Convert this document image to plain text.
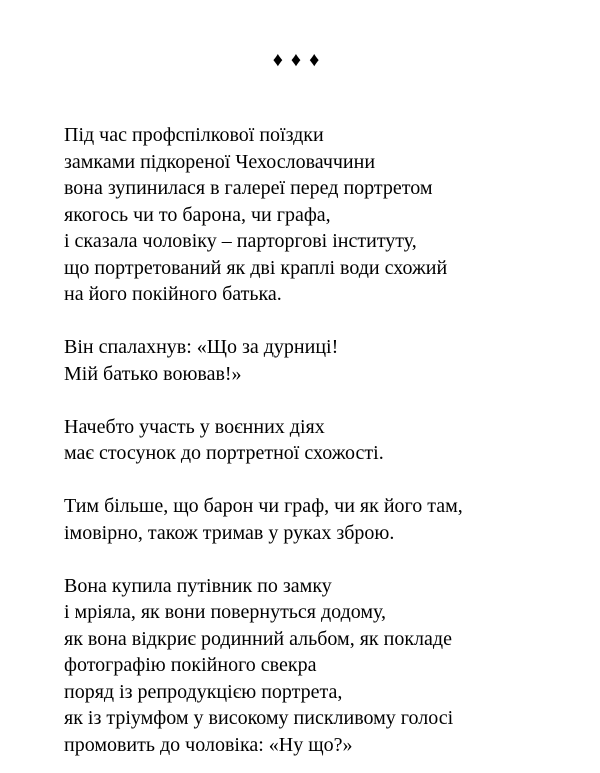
♦♦♦
Під час профспілкової поїздки
замками підкореної Чехословаччини
вона зупинилася в галереї перед портретом
якогось чи то барона, чи графа,
і сказала чоловіку – парторгові інституту,
що портретований як дві краплі води схожий
на його покійного батька.
Він спалахнув: «Що за дурниці!
Мій батько воював!»
Начебто участь у воєнних діях
має стосунок до портретної схожості.
Тим більше, що барон чи граф, чи як його там,
імовірно, також тримав у руках зброю.
Вона купила путівник по замку
і мріяла, як вони повернуться додому,
як вона відкриє родинний альбом, як покладе
фотографію покійного свекра
поряд із репродукцією портрета,
як із тріумфом у високому пискливому голосі
промовить до чоловіка: «Ну що?»
